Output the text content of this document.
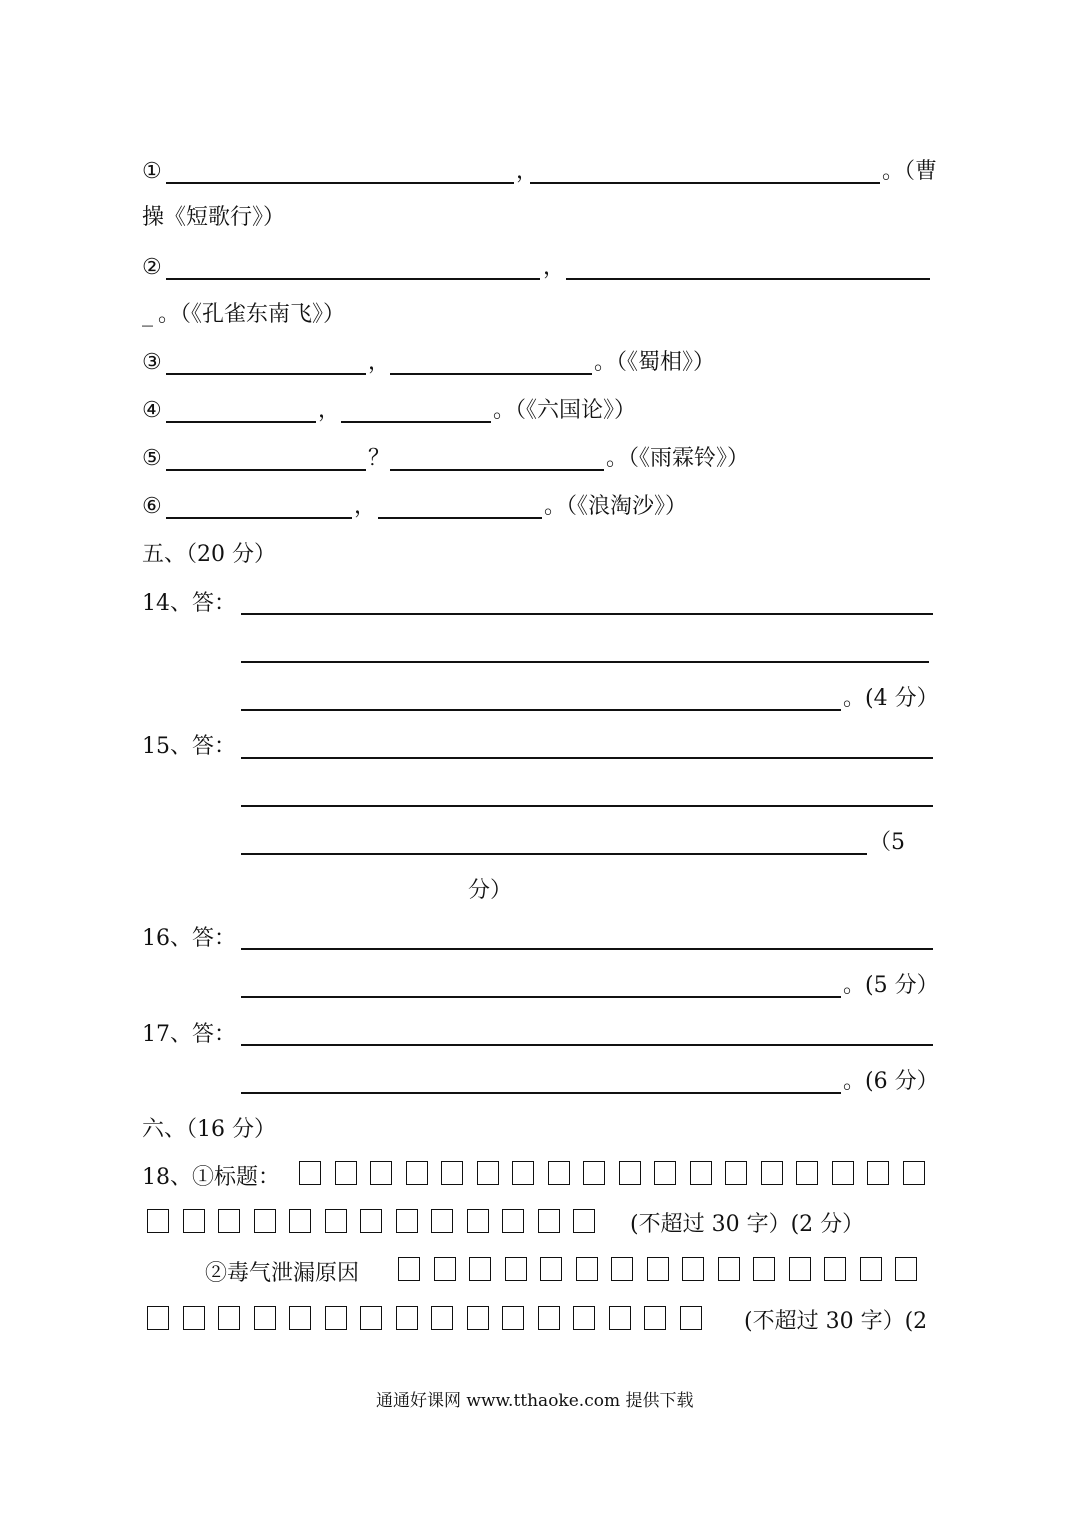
①	，	。（曹
操《短歌行》）
②	，
_ 。（《孔雀东南飞》）
③	，	。（《蜀相》）
④	，	。（《六国论》）
⑤	？	。（《雨霖铃》）
⑥	，	。（《浪淘沙》）
五、（20 分）
14、答：
。(4 分）
15、答：
（5
分）
16、答：
。(5 分）
17、答：
。(6 分）
六、（16 分）
18、①标题：
(不超过 30 字）(2 分）
②毒气泄漏原因
(不超过 30 字）(2
通通好课网 www.tthaoke.com 提供下载
